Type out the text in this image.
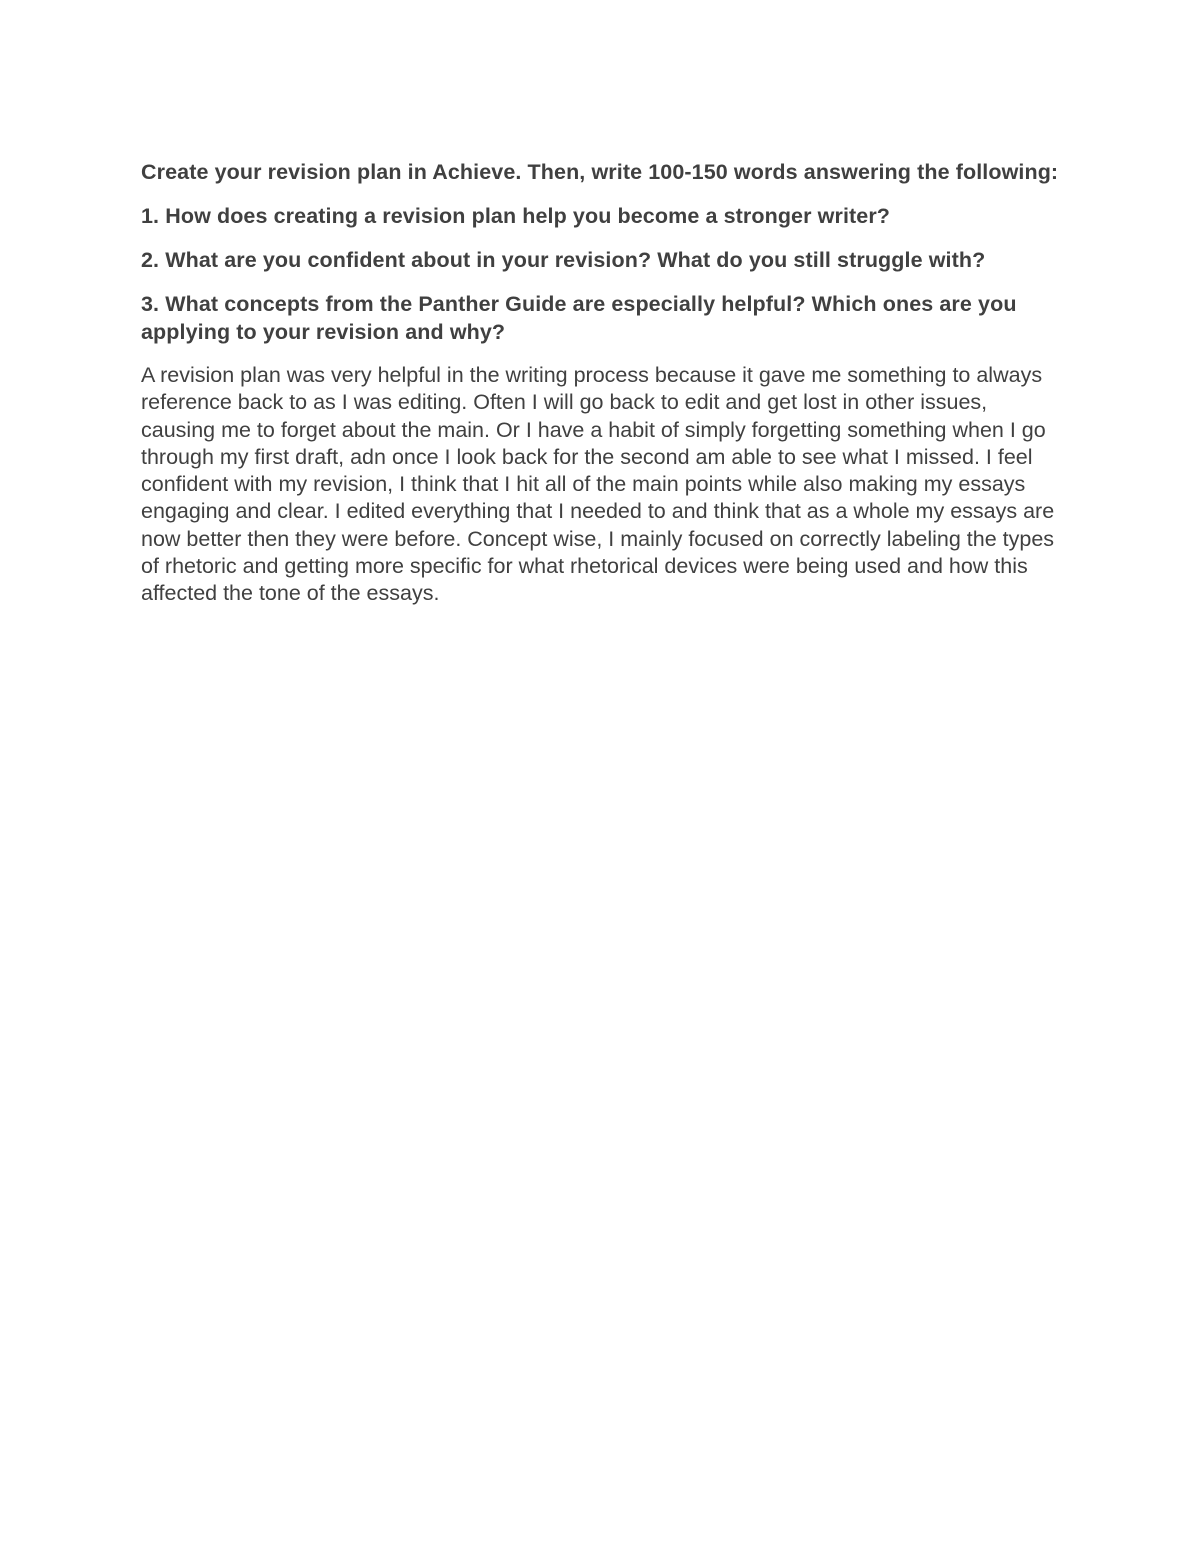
Create your revision plan in Achieve. Then, write 100-150 words answering the following:

1. How does creating a revision plan help you become a stronger writer?

2. What are you confident about in your revision? What do you still struggle with?

3. What concepts from the Panther Guide are especially helpful? Which ones are you applying to your revision and why?

A revision plan was very helpful in the writing process because it gave me something to always reference back to as I was editing. Often I will go back to edit and get lost in other issues, causing me to forget about the main. Or I have a habit of simply forgetting something when I go through my first draft, adn once I look back for the second am able to see what I missed. I feel confident with my revision, I think that I hit all of the main points while also making my essays engaging and clear. I edited everything that I needed to and think that as a whole my essays are now better then they were before. Concept wise, I mainly focused on correctly labeling the types of rhetoric and getting more specific for what rhetorical devices were being used and how this affected the tone of the essays.
